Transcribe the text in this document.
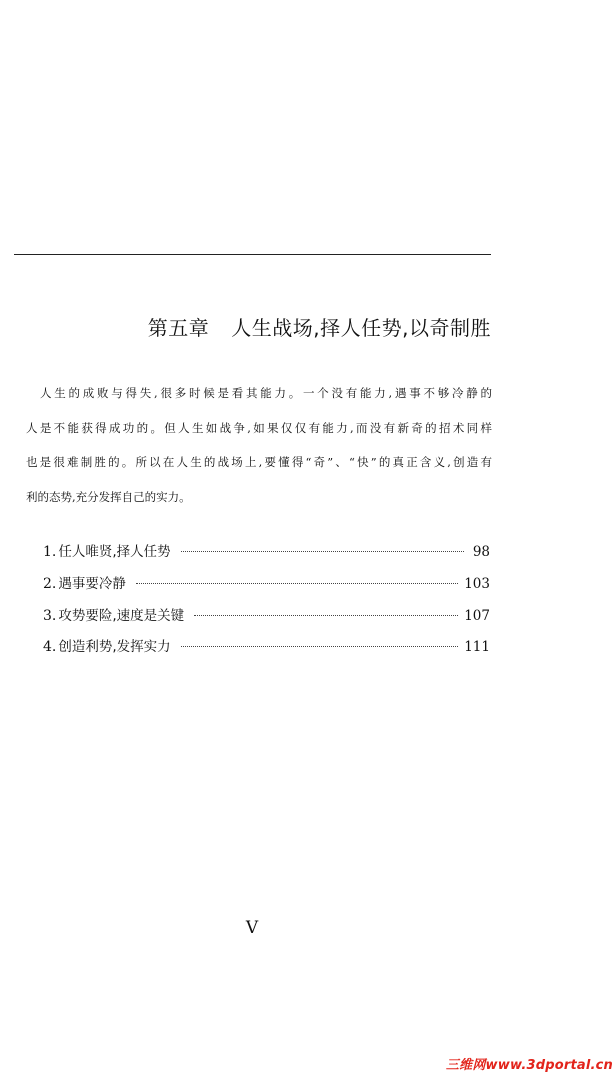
第五章 人生战场,择人任势,以奇制胜
人生的成败与得失,很多时候是看其能力。一个没有能力,遇事不够冷静的
人是不能获得成功的。但人生如战争,如果仅仅有能力,而没有新奇的招术同样
也是很难制胜的。所以在人生的战场上,要懂得“奇”、“快”的真正含义,创造有
利的态势,充分发挥自己的实力。
1. 任人唯贤,择人任势	98
2. 遇事要冷静	103
3. 攻势要险,速度是关键	107
4. 创造利势,发挥实力	111
V
三维网www.3dportal.cn
